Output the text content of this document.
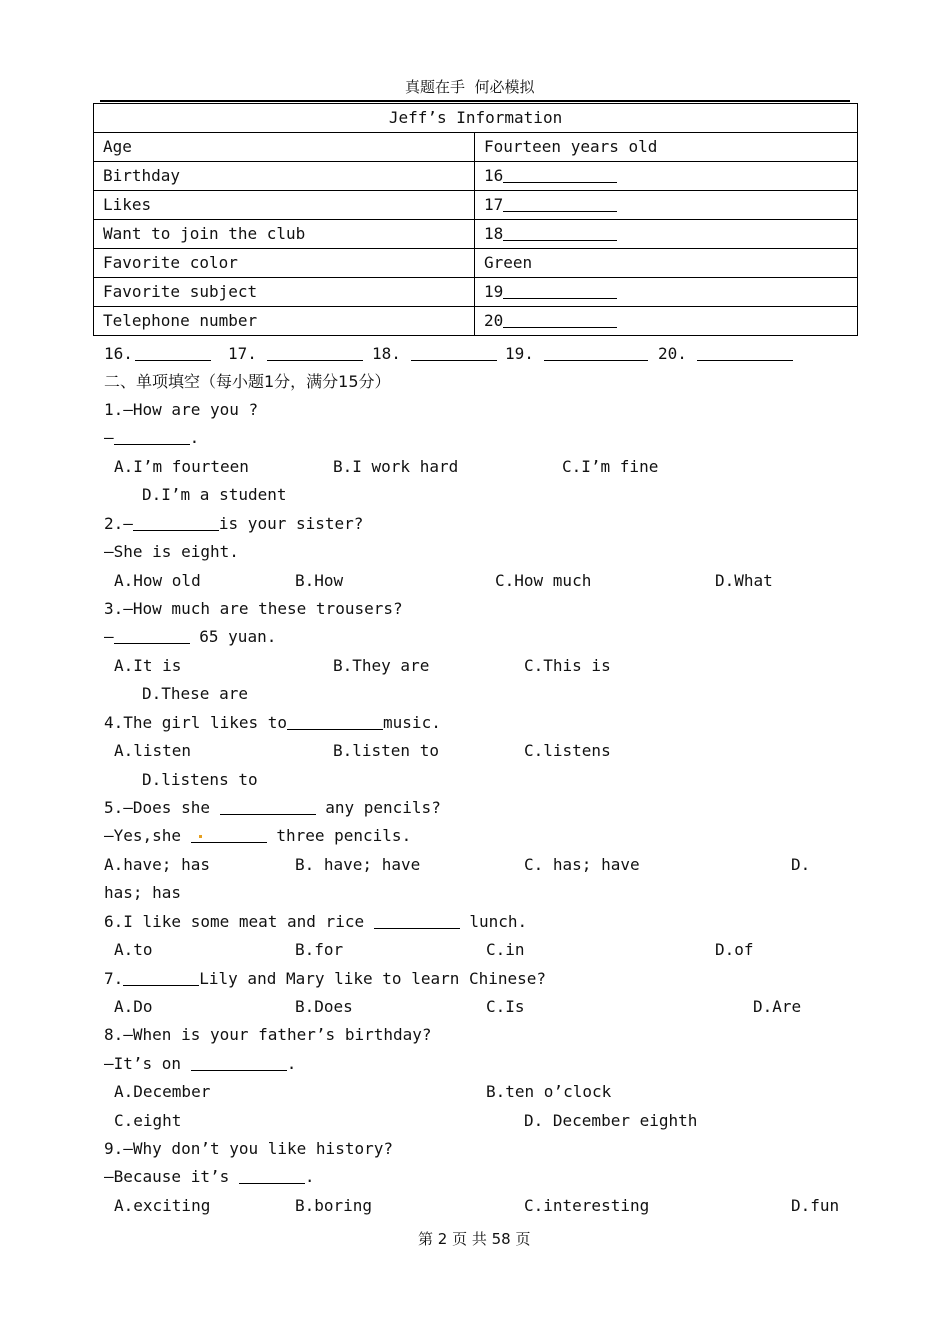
真题在手  何必模拟
Jeff’s Information	
Age	Fourteen years old
Birthday	16
Likes	17
Want to join the club	18
Favorite color	Green
Favorite subject	19
Telephone number	20
16.	17.	18.	19.	20.
二、单项填空（每小题1分，满分15分）
1.—How are you ?
—	.
A.I’m fourteen	B.I work hard	C.I’m fine
D.I’m a student
2.—	is your sister?
—She is eight.
A.How old	B.How	C.How much	D.What
3.—How much are these trousers?
—	65 yuan.
A.It is	B.They are	C.This is
D.These are
4.The girl likes to	music.
A.listen	B.listen to	C.listens
D.listens to
5.—Does she	any pencils?
—Yes,she	three pencils.
A.have; has	B. have; have	C. has; have	D.
has; has
6.I like some meat and rice	lunch.
A.to	B.for	C.in	D.of
7.	Lily and Mary like to learn Chinese?
A.Do	B.Does	C.Is	D.Are
8.—When is your father’s birthday?
—It’s on	.
A.December	B.ten o’clock
C.eight	D. December eighth
9.—Why don’t you like history?
—Because it’s	.
A.exciting	B.boring	C.interesting	D.fun
第 2 页 共 58 页
